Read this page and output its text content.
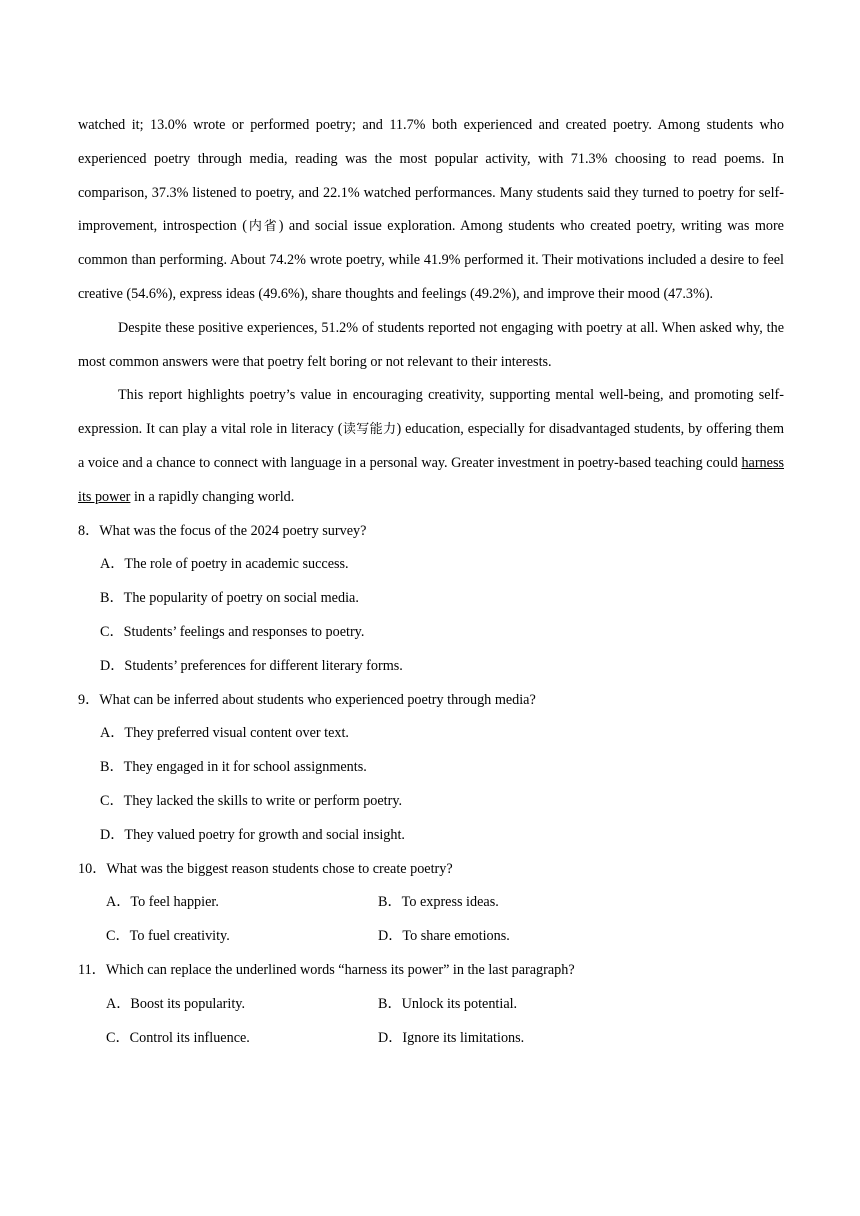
watched it; 13.0% wrote or performed poetry; and 11.7% both experienced and created poetry. Among students who experienced poetry through media, reading was the most popular activity, with 71.3% choosing to read poems. In comparison, 37.3% listened to poetry, and 22.1% watched performances. Many students said they turned to poetry for self-improvement, introspection (内省) and social issue exploration. Among students who created poetry, writing was more common than performing. About 74.2% wrote poetry, while 41.9% performed it. Their motivations included a desire to feel creative (54.6%), express ideas (49.6%), share thoughts and feelings (49.2%), and improve their mood (47.3%).

Despite these positive experiences, 51.2% of students reported not engaging with poetry at all. When asked why, the most common answers were that poetry felt boring or not relevant to their interests.

This report highlights poetry’s value in encouraging creativity, supporting mental well-being, and promoting self-expression. It can play a vital role in literacy (读写能力) education, especially for disadvantaged students, by offering them a voice and a chance to connect with language in a personal way. Greater investment in poetry-based teaching could harness its power in a rapidly changing world.

8．What was the focus of the 2024 poetry survey?

A．The role of poetry in academic success.

B．The popularity of poetry on social media.

C．Students’ feelings and responses to poetry.

D．Students’ preferences for different literary forms.

9．What can be inferred about students who experienced poetry through media?

A．They preferred visual content over text.

B．They engaged in it for school assignments.

C．They lacked the skills to write or perform poetry.

D．They valued poetry for growth and social insight.

10．What was the biggest reason students chose to create poetry?

A．To feel happier.	B．To express ideas.
C．To fuel creativity.	D．To share emotions.

11．Which can replace the underlined words “harness its power” in the last paragraph?

A．Boost its popularity.	B．Unlock its potential.
C．Control its influence.	D．Ignore its limitations.
